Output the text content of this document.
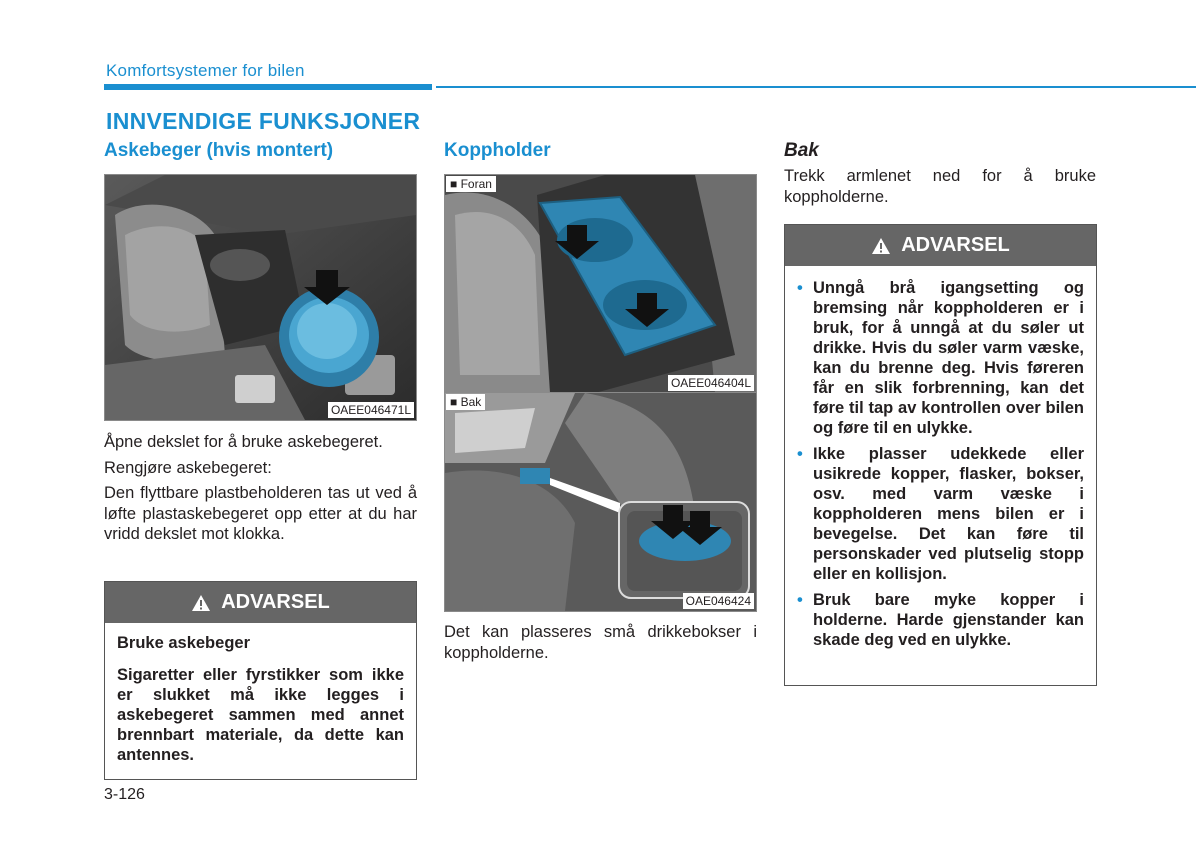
Komfortsystemer for bilen
INNVENDIGE FUNKSJONER
Askebeger (hvis montert)
OAEE046471L
Åpne dekslet for å bruke askebegeret.
Rengjøre askebegeret:
Den flyttbare plastbeholderen tas ut ved å løfte plastaskebegeret opp etter at du har vridd dekslet mot klokka.
ADVARSEL
Bruke askebeger
Sigaretter eller fyrstikker som ikke er slukket må ikke legges i askebegeret sammen med annet brennbart materiale, da dette kan antennes.
3-126
Koppholder
■ Foran
OAEE046404L
■ Bak
OAE046424
Det kan plasseres små drikkebokser i koppholderne.
Bak
Trekk armlenet ned for å bruke koppholderne.
ADVARSEL
• Unngå brå igangsetting og bremsing når koppholderen er i bruk, for å unngå at du søler ut drikke. Hvis du søler varm væske, kan du brenne deg. Hvis føreren får en slik forbrenning, kan det føre til tap av kontrollen over bilen og føre til en ulykke.
• Ikke plasser udekkede eller usikrede kopper, flasker, bokser, osv. med varm væske i koppholderen mens bilen er i bevegelse. Det kan føre til personskader ved plutselig stopp eller en kollisjon.
• Bruk bare myke kopper i holderne. Harde gjenstander kan skade deg ved en ulykke.
